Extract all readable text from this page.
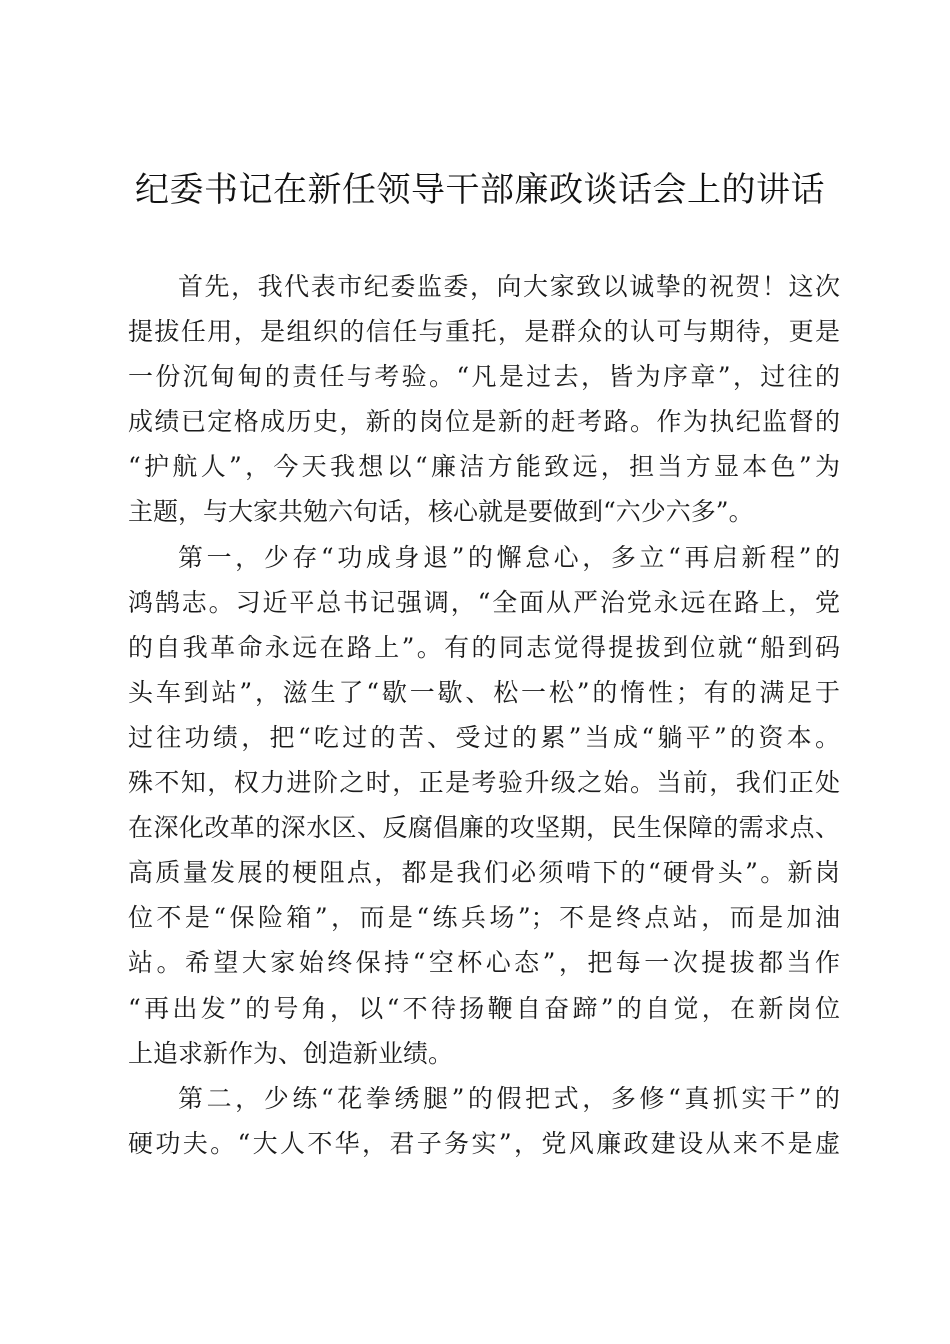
纪委书记在新任领导干部廉政谈话会上的讲话
首先，我代表市纪委监委，向大家致以诚挚的祝贺！这次
提拔任用，是组织的信任与重托，是群众的认可与期待，更是
一份沉甸甸的责任与考验。“凡是过去，皆为序章”，过往的
成绩已定格成历史，新的岗位是新的赶考路。作为执纪监督的
“护航人”，今天我想以“廉洁方能致远，担当方显本色”为
主题，与大家共勉六句话，核心就是要做到“六少六多”。
第一，少存“功成身退”的懈怠心，多立“再启新程”的
鸿鹄志。习近平总书记强调，“全面从严治党永远在路上，党
的自我革命永远在路上”。有的同志觉得提拔到位就“船到码
头车到站”，滋生了“歇一歇、松一松”的惰性；有的满足于
过往功绩，把“吃过的苦、受过的累”当成“躺平”的资本。
殊不知，权力进阶之时，正是考验升级之始。当前，我们正处
在深化改革的深水区、反腐倡廉的攻坚期，民生保障的需求点、
高质量发展的梗阻点，都是我们必须啃下的“硬骨头”。新岗
位不是“保险箱”，而是“练兵场”；不是终点站，而是加油
站。希望大家始终保持“空杯心态”，把每一次提拔都当作
“再出发”的号角，以“不待扬鞭自奋蹄”的自觉，在新岗位
上追求新作为、创造新业绩。
第二，少练“花拳绣腿”的假把式，多修“真抓实干”的
硬功夫。“大人不华，君子务实”，党风廉政建设从来不是虚
